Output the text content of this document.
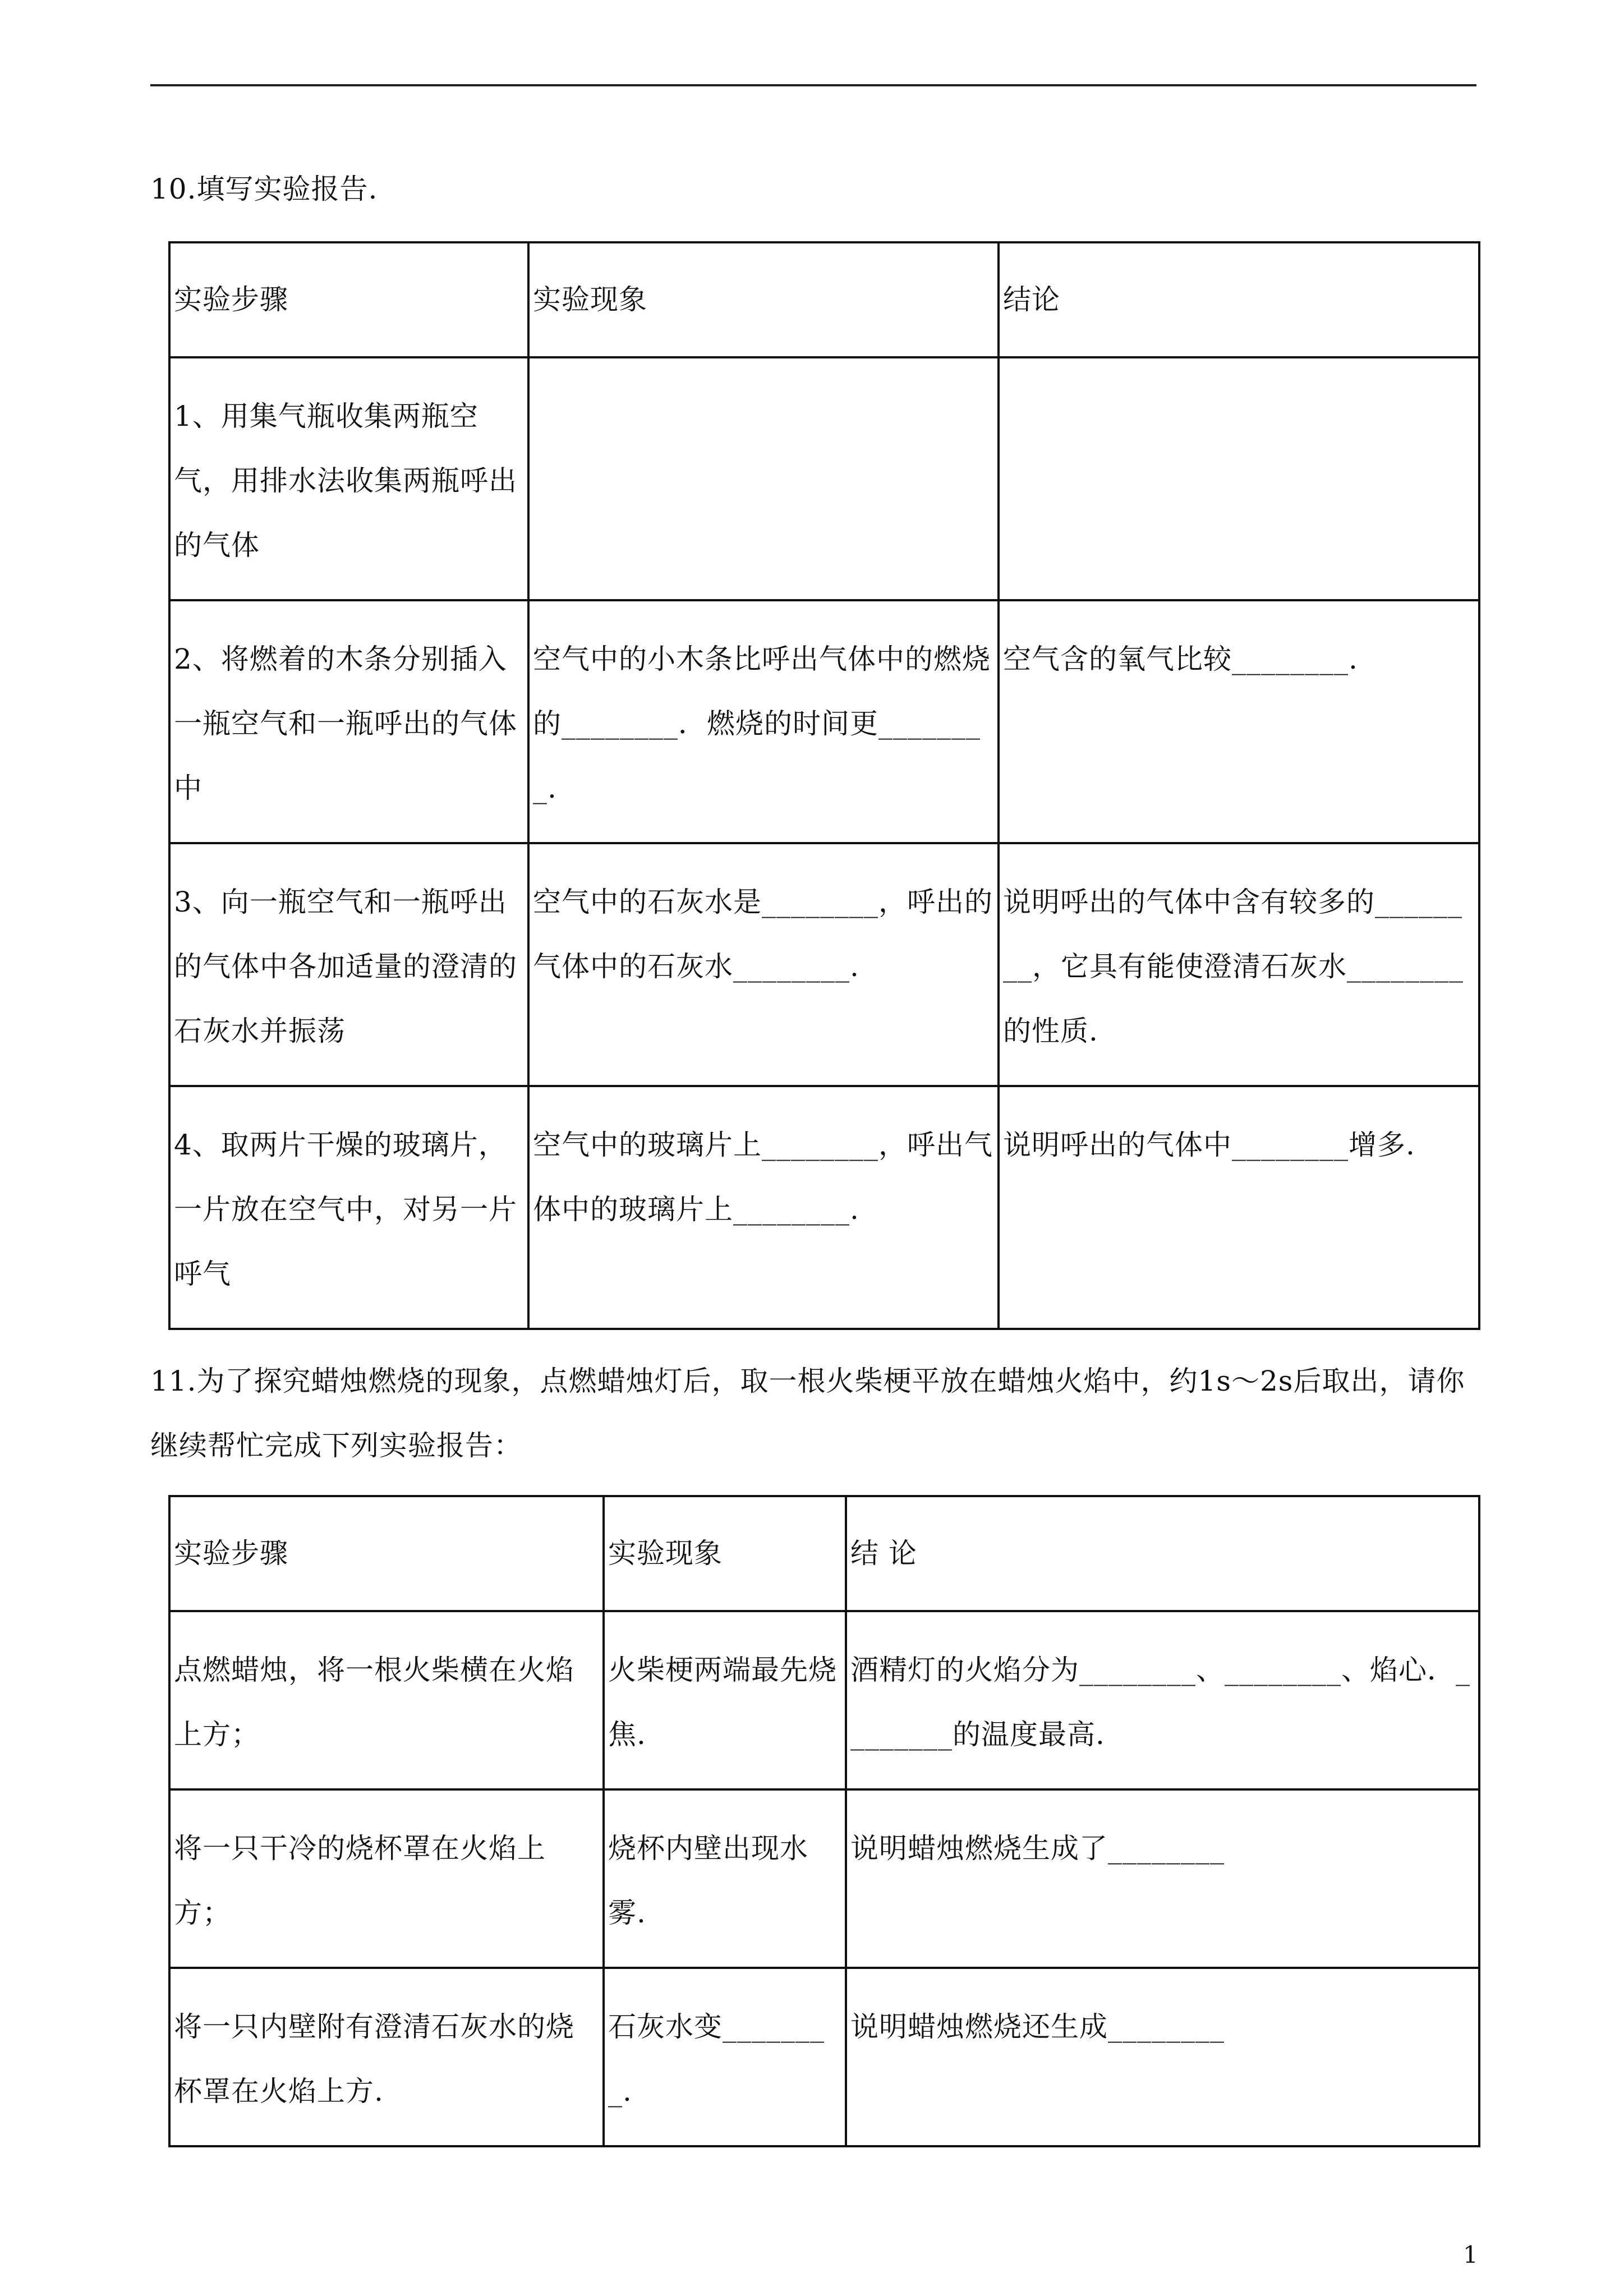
10.填写实验报告.
实验步骤	实验现象	结论
1、用集气瓶收集两瓶空气，用排水法收集两瓶呼出的气体		
2、将燃着的木条分别插入一瓶空气和一瓶呼出的气体中	空气中的小木条比呼出气体中的燃烧的________．燃烧的时间更________.	空气含的氧气比较________.
3、向一瓶空气和一瓶呼出的气体中各加适量的澄清的石灰水并振荡	空气中的石灰水是________，呼出的气体中的石灰水________.	说明呼出的气体中含有较多的________，它具有能使澄清石灰水________的性质.
4、取两片干燥的玻璃片，一片放在空气中，对另一片呼气	空气中的玻璃片上________，呼出气体中的玻璃片上________.	说明呼出的气体中________增多.
11.为了探究蜡烛燃烧的现象，点燃蜡烛灯后，取一根火柴梗平放在蜡烛火焰中，约1s～2s后取出，请你继续帮忙完成下列实验报告：
实验步骤	实验现象	结 论
点燃蜡烛，将一根火柴横在火焰上方；	火柴梗两端最先烧焦.	酒精灯的火焰分为________、________、焰心．________的温度最高.
将一只干冷的烧杯罩在火焰上方；	烧杯内壁出现水雾.	说明蜡烛燃烧生成了________
将一只内壁附有澄清石灰水的烧杯罩在火焰上方.	石灰水变________.	说明蜡烛燃烧还生成________
1
